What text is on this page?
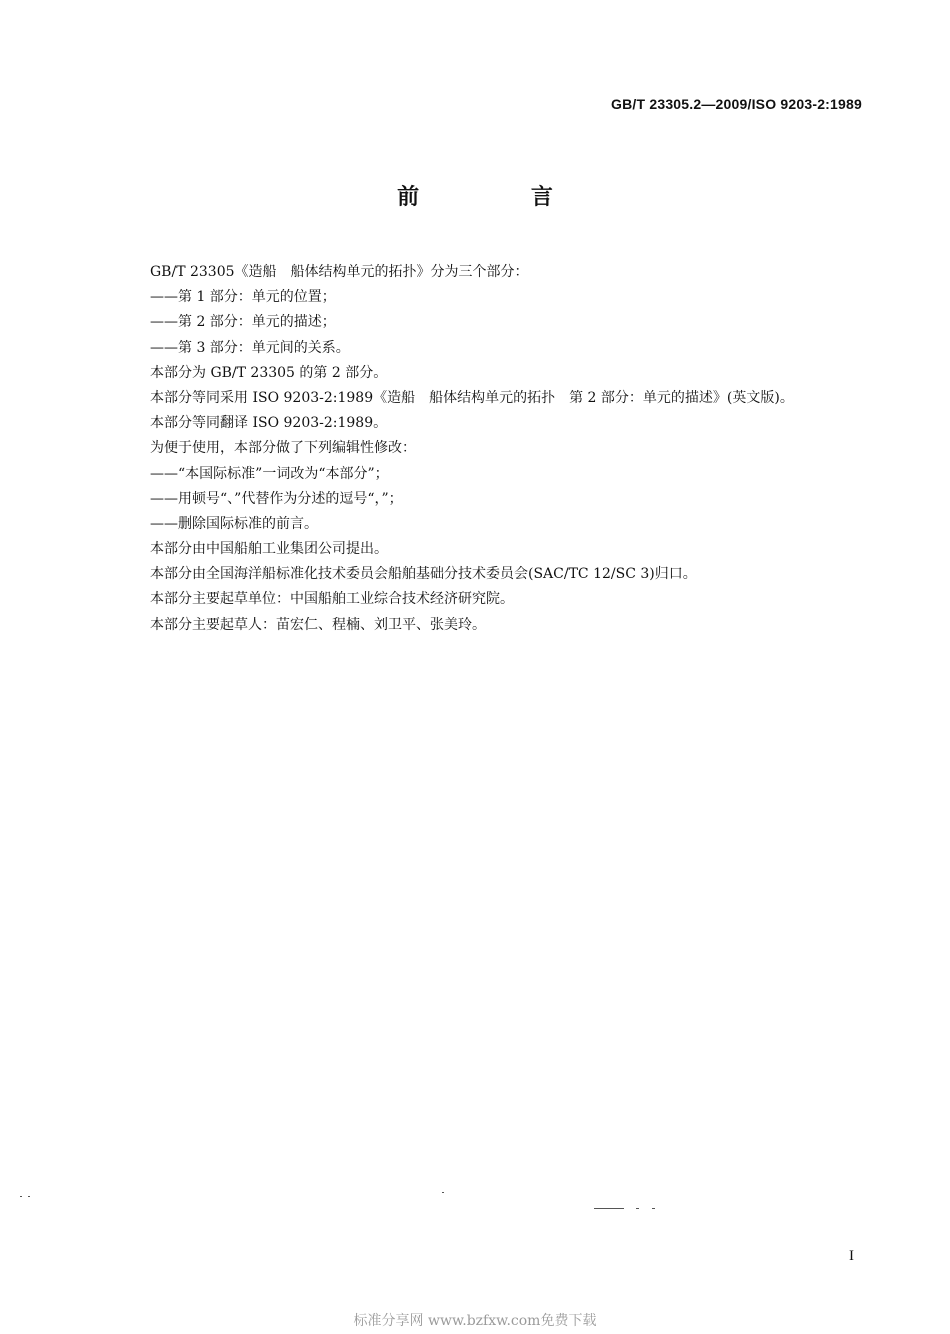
GB/T 23305.2—2009/ISO 9203-2:1989
前 言
GB/T 23305《造船　船体结构单元的拓扑》分为三个部分：
——第 1 部分：单元的位置；
——第 2 部分：单元的描述；
——第 3 部分：单元间的关系。
本部分为 GB/T 23305 的第 2 部分。
本部分等同采用 ISO 9203-2:1989《造船　船体结构单元的拓扑　第 2 部分：单元的描述》(英文版)。
本部分等同翻译 ISO 9203-2:1989。
为便于使用，本部分做了下列编辑性修改：
——“本国际标准”一词改为“本部分”；
——用顿号“、”代替作为分述的逗号“，”；
——删除国际标准的前言。
本部分由中国船舶工业集团公司提出。
本部分由全国海洋船标准化技术委员会船舶基础分技术委员会(SAC/TC 12/SC 3)归口。
本部分主要起草单位：中国船舶工业综合技术经济研究院。
本部分主要起草人：苗宏仁、程楠、刘卫平、张美玲。
I
标准分享网 www.bzfxw.com免费下载
